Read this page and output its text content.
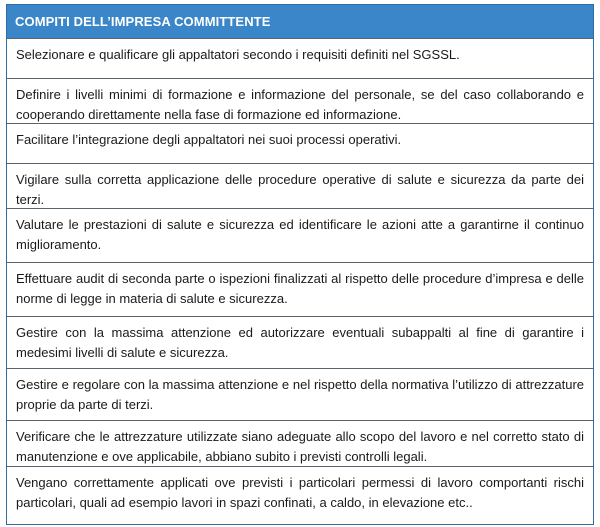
COMPITI DELL’IMPRESA COMMITTENTE
Selezionare e qualificare gli appaltatori secondo i requisiti definiti nel SGSSL.
Definire i livelli minimi di formazione e informazione del personale, se del caso collaborando e cooperando direttamente nella fase di formazione ed informazione.
Facilitare l’integrazione degli appaltatori nei suoi processi operativi.
Vigilare sulla corretta applicazione delle procedure operative di salute e sicurezza da parte dei terzi.
Valutare le prestazioni di salute e sicurezza ed identificare le azioni atte a garantirne il continuo miglioramento.
Effettuare audit di seconda parte o ispezioni finalizzati al rispetto delle procedure d’impresa e delle norme di legge in materia di salute e sicurezza.
Gestire con la massima attenzione ed autorizzare eventuali subappalti al fine di garantire i medesimi livelli di salute e sicurezza.
Gestire e regolare con la massima attenzione e nel rispetto della normativa l’utilizzo di attrezzature proprie da parte di terzi.
Verificare che le attrezzature utilizzate siano adeguate allo scopo del lavoro e nel corretto stato di manutenzione e ove applicabile, abbiano subito i previsti controlli legali.
Vengano correttamente applicati ove previsti i particolari permessi di lavoro comportanti rischi particolari, quali ad esempio lavori in spazi confinati, a caldo, in elevazione etc..
